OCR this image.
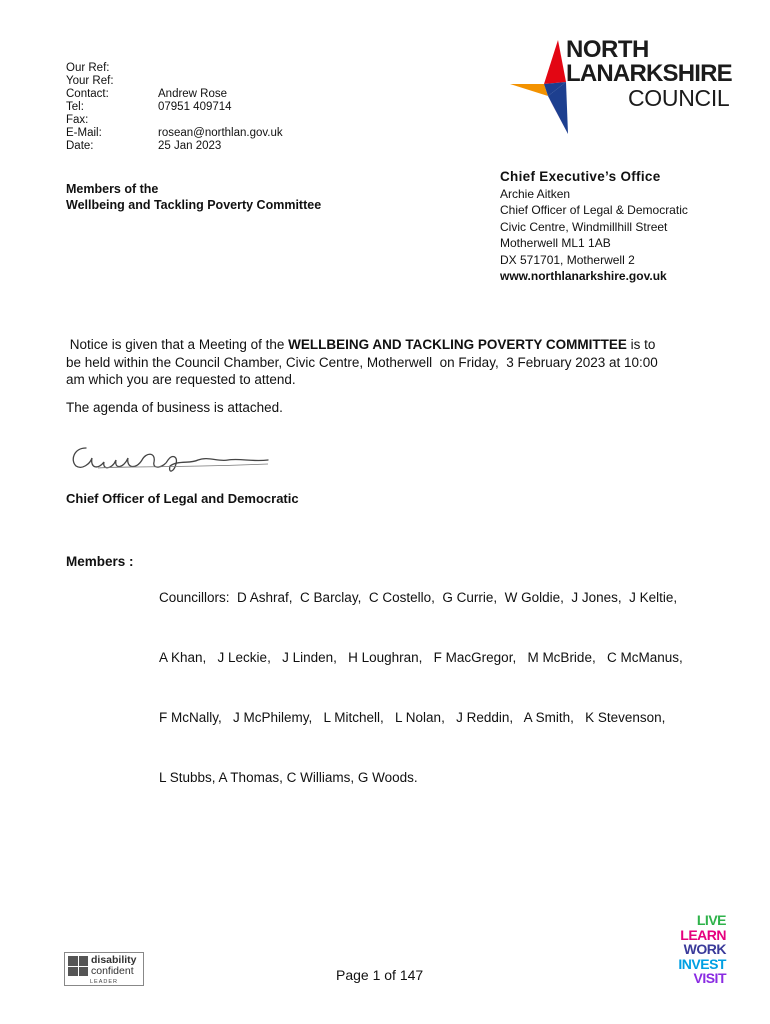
Our Ref:
Your Ref:
Contact:	Andrew Rose
Tel:	07951 409714
Fax:
E-Mail:	rosean@northlan.gov.uk
Date:	25 Jan 2023
NORTH
LANARKSHIRE
COUNCIL
Members of the
Wellbeing and Tackling Poverty Committee
Chief Executive’s Office
Archie Aitken
Chief Officer of Legal & Democratic
Civic Centre, Windmillhill Street
Motherwell ML1 1AB
DX 571701, Motherwell 2
www.northlanarkshire.gov.uk
Notice is given that a Meeting of the WELLBEING AND TACKLING POVERTY COMMITTEE is to
be held within the Council Chamber, Civic Centre, Motherwell  on Friday,  3 February 2023 at 10:00
am which you are requested to attend.
The agenda of business is attached.
Chief Officer of Legal and Democratic
Members :

Councillors:  D Ashraf,  C Barclay,  C Costello,  G Currie,  W Goldie,  J Jones,  J Keltie,

A Khan,   J Leckie,   J Linden,   H Loughran,   F MacGregor,   M McBride,   C McManus,

F McNally,   J McPhilemy,   L Mitchell,   L Nolan,   J Reddin,   A Smith,   K Stevenson,

L Stubbs, A Thomas, C Williams, G Woods.

disability
confident
LEADER	Page 1 of 147
LIVE
LEARN
WORK
INVEST
VISIT
